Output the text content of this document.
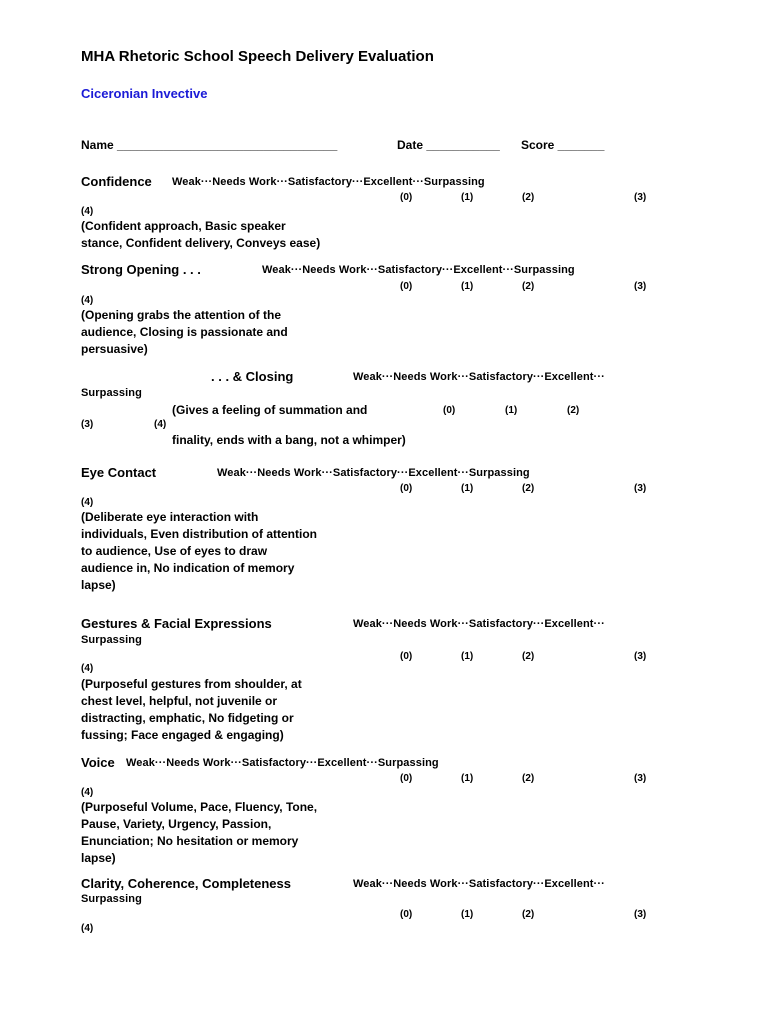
MHA Rhetoric School Speech Delivery Evaluation
Ciceronian Invective
Name _________________________________	Date ___________ Score _______
Confidence Weak···Needs Work···Satisfactory···Excellent···Surpassing
(0)	(1)	(2)	(3)
(4)
(Confident approach, Basic speaker stance, Confident delivery, Conveys ease)
Strong Opening . . .	Weak···Needs Work···Satisfactory···Excellent···Surpassing
(0)	(1)	(2)	(3)
(4)
(Opening grabs the attention of the audience, Closing is passionate and persuasive)
. . . & Closing	Weak···Needs Work···Satisfactory···Excellent···
Surpassing
(Gives a feeling of summation and	(0)	(1)	(2)
(3)	(4)
finality, ends with a bang, not a whimper)
Eye Contact	Weak···Needs Work···Satisfactory···Excellent···Surpassing
(0)	(1)	(2)	(3)
(4)
(Deliberate eye interaction with individuals, Even distribution of attention to audience, Use of eyes to draw audience in, No indication of memory lapse)
Gestures & Facial Expressions	Weak···Needs Work···Satisfactory···Excellent···
Surpassing
(0)	(1)	(2)	(3)
(4)
(Purposeful gestures from shoulder, at chest level, helpful, not juvenile or distracting, emphatic, No fidgeting or fussing; Face engaged & engaging)
Voice Weak···Needs Work···Satisfactory···Excellent···Surpassing
(0)	(1)	(2)	(3)
(4)
(Purposeful Volume, Pace, Fluency, Tone, Pause, Variety, Urgency, Passion, Enunciation; No hesitation or memory lapse)
Clarity, Coherence, Completeness	Weak···Needs Work···Satisfactory···Excellent···
Surpassing
(0)	(1)	(2)	(3)
(4)
